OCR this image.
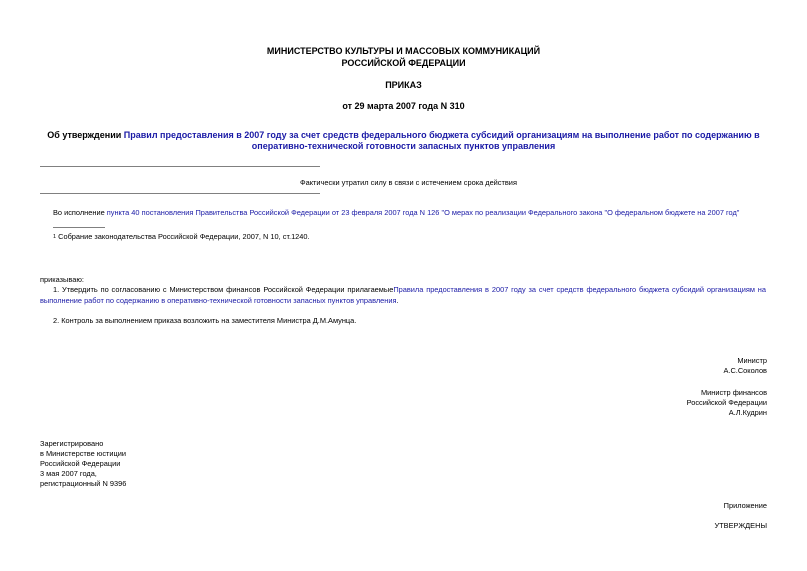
МИНИСТЕРСТВО КУЛЬТУРЫ И МАССОВЫХ КОММУНИКАЦИЙ
РОССИЙСКОЙ ФЕДЕРАЦИИ
ПРИКАЗ
от 29 марта 2007 года N 310
Об утверждении Правил предоставления в 2007 году за счет средств федерального бюджета субсидий организациям на выполнение работ по содержанию в
оперативно-технической готовности запасных пунктов управления
Фактически утратил силу в связи с истечением срока действия
Во исполнение пункта 40 постановления Правительства Российской Федерации от 23 февраля 2007 года N 126 "О мерах по реализации Федерального закона "О федеральном бюджете на 2007 год"
1 Собрание законодательства Российской Федерации, 2007, N 10, ст.1240.
приказываю:
1. Утвердить по согласованию с Министерством финансов Российской Федерации прилагаемыеПравила предоставления в 2007 году за счет средств федерального бюджета субсидий организациям на выполнение работ по содержанию в оперативно-технической готовности запасных пунктов управления.
2. Контроль за выполнением приказа возложить на заместителя Министра Д.М.Амунца.
Министр
А.С.Соколов
Министр финансов
Российской Федерации
А.Л.Кудрин
Зарегистрировано
в Министерстве юстиции
Российской Федерации
3 мая 2007 года,
регистрационный N 9396
Приложение
УТВЕРЖДЕНЫ
